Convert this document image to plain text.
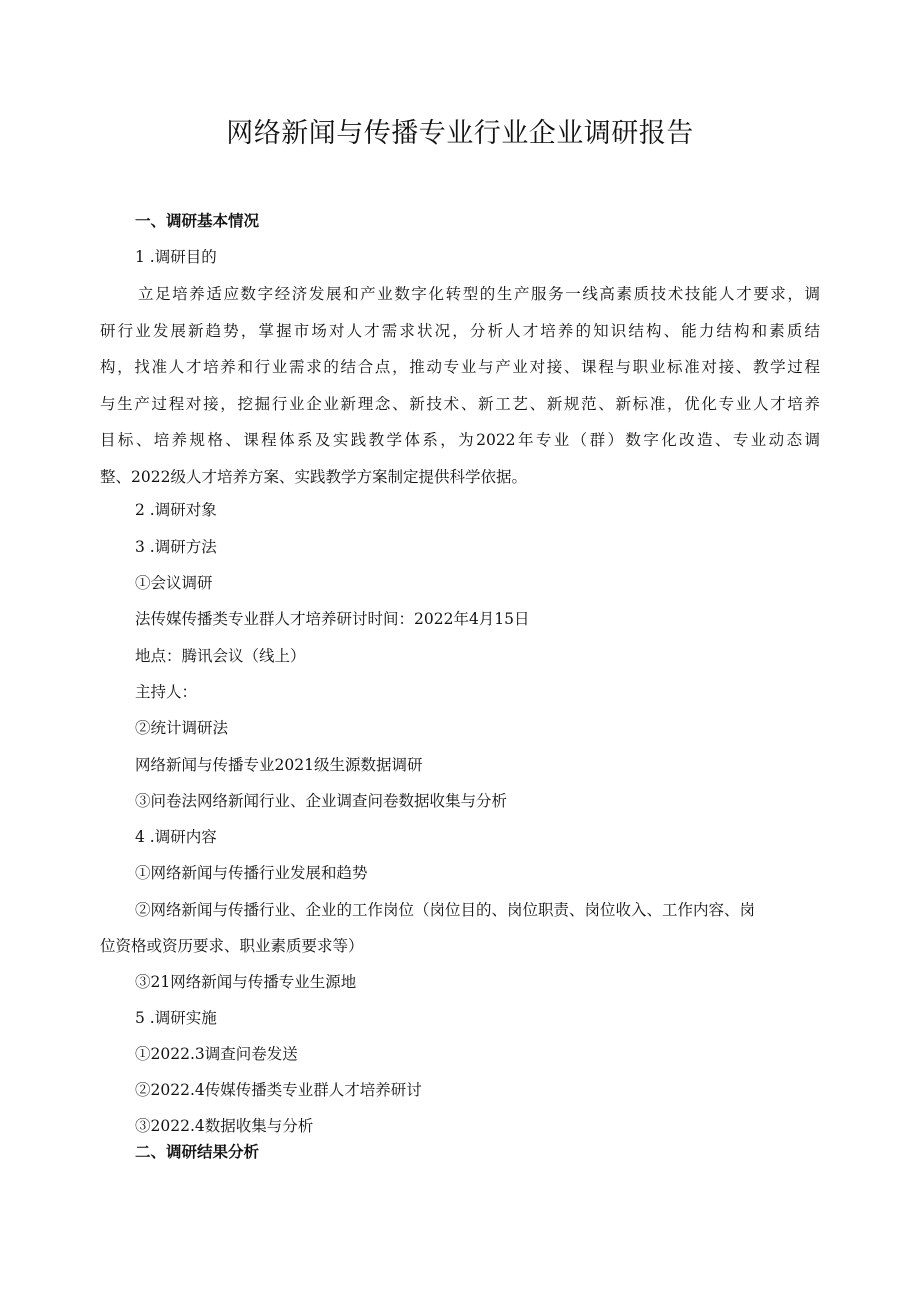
网络新闻与传播专业行业企业调研报告
一、调研基本情况
1 .调研目的
立足培养适应数字经济发展和产业数字化转型的生产服务一线高素质技术技能人才要求，调
研行业发展新趋势，掌握市场对人才需求状况，分析人才培养的知识结构、能力结构和素质结
构，找准人才培养和行业需求的结合点，推动专业与产业对接、课程与职业标准对接、教学过程
与生产过程对接，挖掘行业企业新理念、新技术、新工艺、新规范、新标准，优化专业人才培养
目标、培养规格、课程体系及实践教学体系，为2022年专业（群）数字化改造、专业动态调
整、2022级人才培养方案、实践教学方案制定提供科学依据。
2 .调研对象
3 .调研方法
①会议调研
法传媒传播类专业群人才培养研讨时间：2022年4月15日
地点：腾讯会议（线上）
主持人：
②统计调研法
网络新闻与传播专业2021级生源数据调研
③问卷法网络新闻行业、企业调查问卷数据收集与分析
4 .调研内容
①网络新闻与传播行业发展和趋势
②网络新闻与传播行业、企业的工作岗位（岗位目的、岗位职责、岗位收入、工作内容、岗
位资格或资历要求、职业素质要求等）
③21网络新闻与传播专业生源地
5 .调研实施
①2022.3调查问卷发送
②2022.4传媒传播类专业群人才培养研讨
③2022.4数据收集与分析
二、调研结果分析
